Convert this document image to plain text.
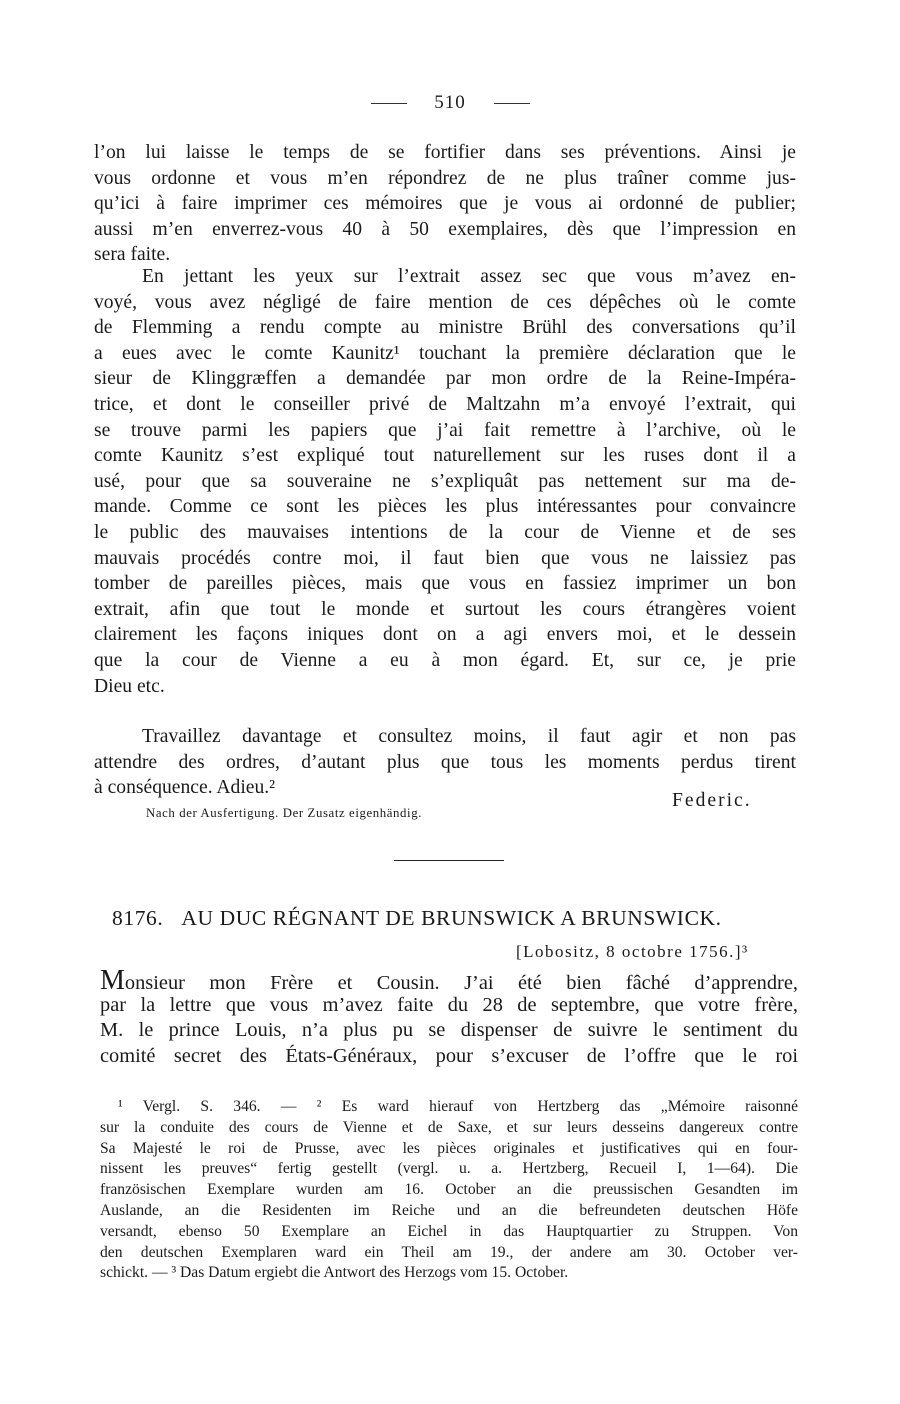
510
l’on lui laisse le temps de se fortifier dans ses préventions. Ainsi je
vous ordonne et vous m’en répondrez de ne plus traîner comme jus-
qu’ici à faire imprimer ces mémoires que je vous ai ordonné de publier;
aussi m’en enverrez-vous 40 à 50 exemplaires, dès que l’impression en
sera faite.
En jettant les yeux sur l’extrait assez sec que vous m’avez en-
voyé, vous avez négligé de faire mention de ces dépêches où le comte
de Flemming a rendu compte au ministre Brühl des conversations qu’il
a eues avec le comte Kaunitz¹ touchant la première déclaration que le
sieur de Klinggræffen a demandée par mon ordre de la Reine-Impéra-
trice, et dont le conseiller privé de Maltzahn m’a envoyé l’extrait, qui
se trouve parmi les papiers que j’ai fait remettre à l’archive, où le
comte Kaunitz s’est expliqué tout naturellement sur les ruses dont il a
usé, pour que sa souveraine ne s’expliquât pas nettement sur ma de-
mande. Comme ce sont les pièces les plus intéressantes pour convaincre
le public des mauvaises intentions de la cour de Vienne et de ses
mauvais procédés contre moi, il faut bien que vous ne laissiez pas
tomber de pareilles pièces, mais que vous en fassiez imprimer un bon
extrait, afin que tout le monde et surtout les cours étrangères voient
clairement les façons iniques dont on a agi envers moi, et le dessein
que la cour de Vienne a eu à mon égard. Et, sur ce, je prie
Dieu etc.
Travaillez davantage et consultez moins, il faut agir et non pas
attendre des ordres, d’autant plus que tous les moments perdus tirent
à conséquence. Adieu.²
Federic.
Nach der Ausfertigung. Der Zusatz eigenhändig.
8176. AU DUC RÉGNANT DE BRUNSWICK A BRUNSWICK.
[Lobositz, 8 octobre 1756.]³
Monsieur mon Frère et Cousin. J’ai été bien fâché d’apprendre,
par la lettre que vous m’avez faite du 28 de septembre, que votre frère,
M. le prince Louis, n’a plus pu se dispenser de suivre le sentiment du
comité secret des États-Généraux, pour s’excuser de l’offre que le roi
¹ Vergl. S. 346. — ² Es ward hierauf von Hertzberg das „Mémoire raisonné
sur la conduite des cours de Vienne et de Saxe, et sur leurs desseins dangereux contre
Sa Majesté le roi de Prusse, avec les pièces originales et justificatives qui en four-
nissent les preuves“ fertig gestellt (vergl. u. a. Hertzberg, Recueil I, 1—64). Die
französischen Exemplare wurden am 16. October an die preussischen Gesandten im
Auslande, an die Residenten im Reiche und an die befreundeten deutschen Höfe
versandt, ebenso 50 Exemplare an Eichel in das Hauptquartier zu Struppen. Von
den deutschen Exemplaren ward ein Theil am 19., der andere am 30. October ver-
schickt. — ³ Das Datum ergiebt die Antwort des Herzogs vom 15. October.
